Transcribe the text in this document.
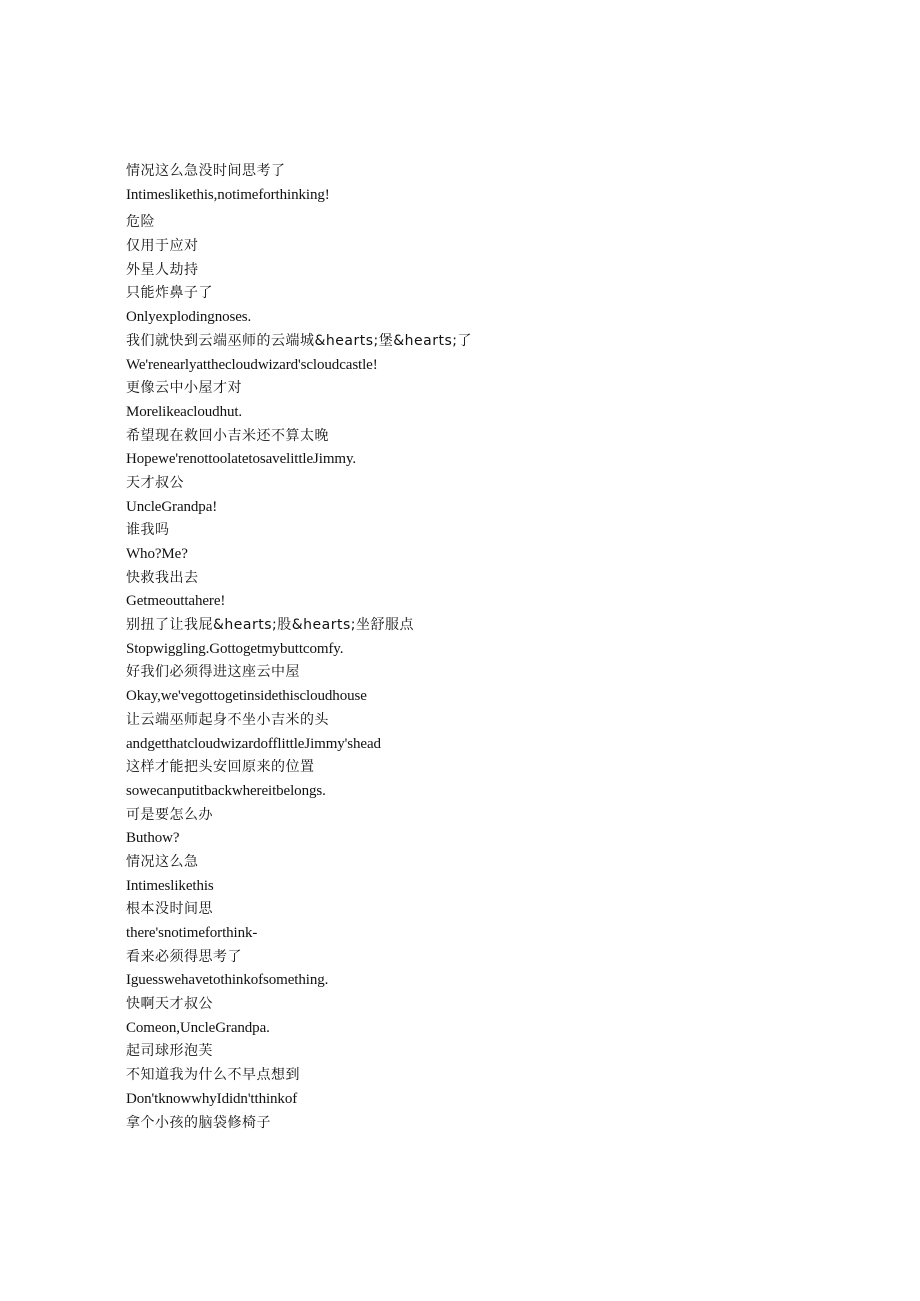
情况这么急没时间思考了
Intimeslikethis,notimeforthinking!
危险
仅用于应对
外星人劫持
只能炸鼻子了
Onlyexplodingnoses.
我们就快到云端巫师的云端城&hearts;堡&hearts;了
We'renearlyatthecloudwizard'scloudcastle!
更像云中小屋才对
Morelikeacloudhut.
希望现在救回小吉米还不算太晚
Hopewe'renottoolatetosavelittleJimmy.
天才叔公
UncleGrandpa!
谁我吗
Who?Me?
快救我出去
Getmeouttahere!
别扭了让我屁&hearts;股&hearts;坐舒服点
Stopwiggling.Gottogetmybuttcomfy.
好我们必须得进这座云中屋
Okay,we'vegottogetinsidethiscloudhouse
让云端巫师起身不坐小吉米的头
andgetthatcloudwizardofflittleJimmy'shead
这样才能把头安回原来的位置
sowecanputitbackwhereitbelongs.
可是要怎么办
Buthow?
情况这么急
Intimeslikethis
根本没时间思
there'snotimeforthink-
看来必须得思考了
Iguesswehavetothinkofsomething.
快啊天才叔公
Comeon,UncleGrandpa.
起司球形泡芙
不知道我为什么不早点想到
Don'tknowwhyIdidn'tthinkof
拿个小孩的脑袋修椅子
